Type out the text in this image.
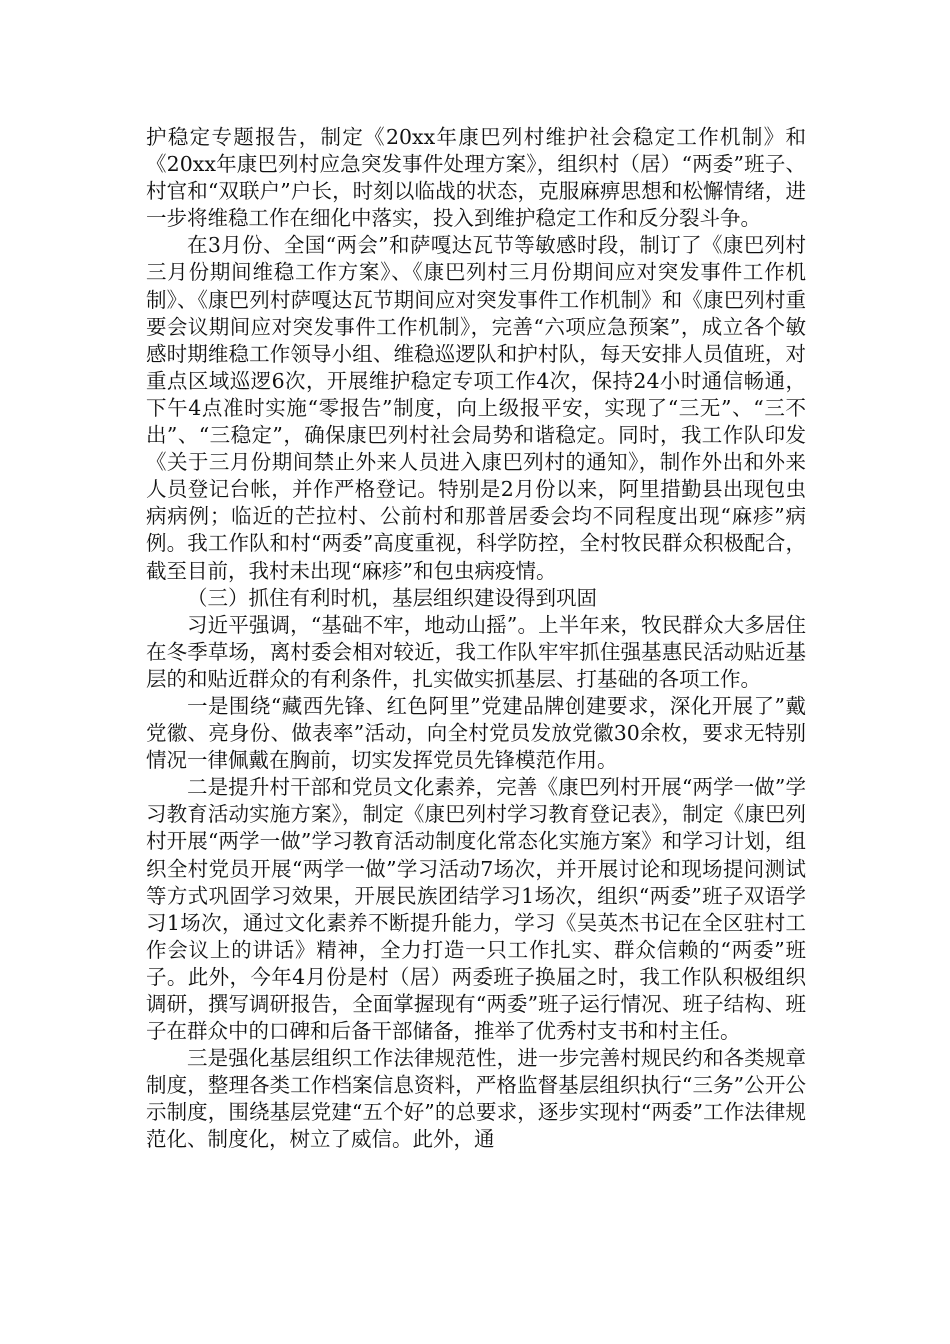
护稳定专题报告，制定《20xx年康巴列村维护社会稳定工作机制》和《20xx年康巴列村应急突发事件处理方案》，组织村（居）“两委”班子、村官和“双联户”户长，时刻以临战的状态，克服麻痹思想和松懈情绪，进一步将维稳工作在细化中落实，投入到维护稳定工作和反分裂斗争。

在3月份、全国“两会”和萨嘎达瓦节等敏感时段，制订了《康巴列村三月份期间维稳工作方案》、《康巴列村三月份期间应对突发事件工作机制》、《康巴列村萨嘎达瓦节期间应对突发事件工作机制》和《康巴列村重要会议期间应对突发事件工作机制》，完善“六项应急预案”，成立各个敏感时期维稳工作领导小组、维稳巡逻队和护村队，每天安排人员值班，对重点区域巡逻6次，开展维护稳定专项工作4次，保持24小时通信畅通，下午4点准时实施“零报告”制度，向上级报平安，实现了“三无”、“三不出”、“三稳定”，确保康巴列村社会局势和谐稳定。同时，我工作队印发《关于三月份期间禁止外来人员进入康巴列村的通知》，制作外出和外来人员登记台帐，并作严格登记。特别是2月份以来，阿里措勤县出现包虫病病例；临近的芒拉村、公前村和那普居委会均不同程度出现“麻疹”病例。我工作队和村“两委”高度重视，科学防控，全村牧民群众积极配合，截至目前，我村未出现“麻疹”和包虫病疫情。

（三）抓住有利时机，基层组织建设得到巩固

习近平强调，“基础不牢，地动山摇”。上半年来，牧民群众大多居住在冬季草场，离村委会相对较近，我工作队牢牢抓住强基惠民活动贴近基层的和贴近群众的有利条件，扎实做实抓基层、打基础的各项工作。

一是围绕“藏西先锋、红色阿里”党建品牌创建要求，深化开展了”戴党徽、亮身份、做表率”活动，向全村党员发放党徽30余枚，要求无特别情况一律佩戴在胸前，切实发挥党员先锋模范作用。

二是提升村干部和党员文化素养，完善《康巴列村开展“两学一做”学习教育活动实施方案》，制定《康巴列村学习教育登记表》，制定《康巴列村开展“两学一做”学习教育活动制度化常态化实施方案》和学习计划，组织全村党员开展“两学一做”学习活动7场次，并开展讨论和现场提问测试等方式巩固学习效果，开展民族团结学习1场次，组织“两委”班子双语学习1场次，通过文化素养不断提升能力，学习《吴英杰书记在全区驻村工作会议上的讲话》精神，全力打造一只工作扎实、群众信赖的“两委”班子。此外，今年4月份是村（居）两委班子换届之时，我工作队积极组织调研，撰写调研报告，全面掌握现有“两委”班子运行情况、班子结构、班子在群众中的口碑和后备干部储备，推举了优秀村支书和村主任。

三是强化基层组织工作法律规范性，进一步完善村规民约和各类规章制度，整理各类工作档案信息资料，严格监督基层组织执行“三务”公开公示制度，围绕基层党建“五个好”的总要求，逐步实现村“两委”工作法律规范化、制度化，树立了威信。此外，通
